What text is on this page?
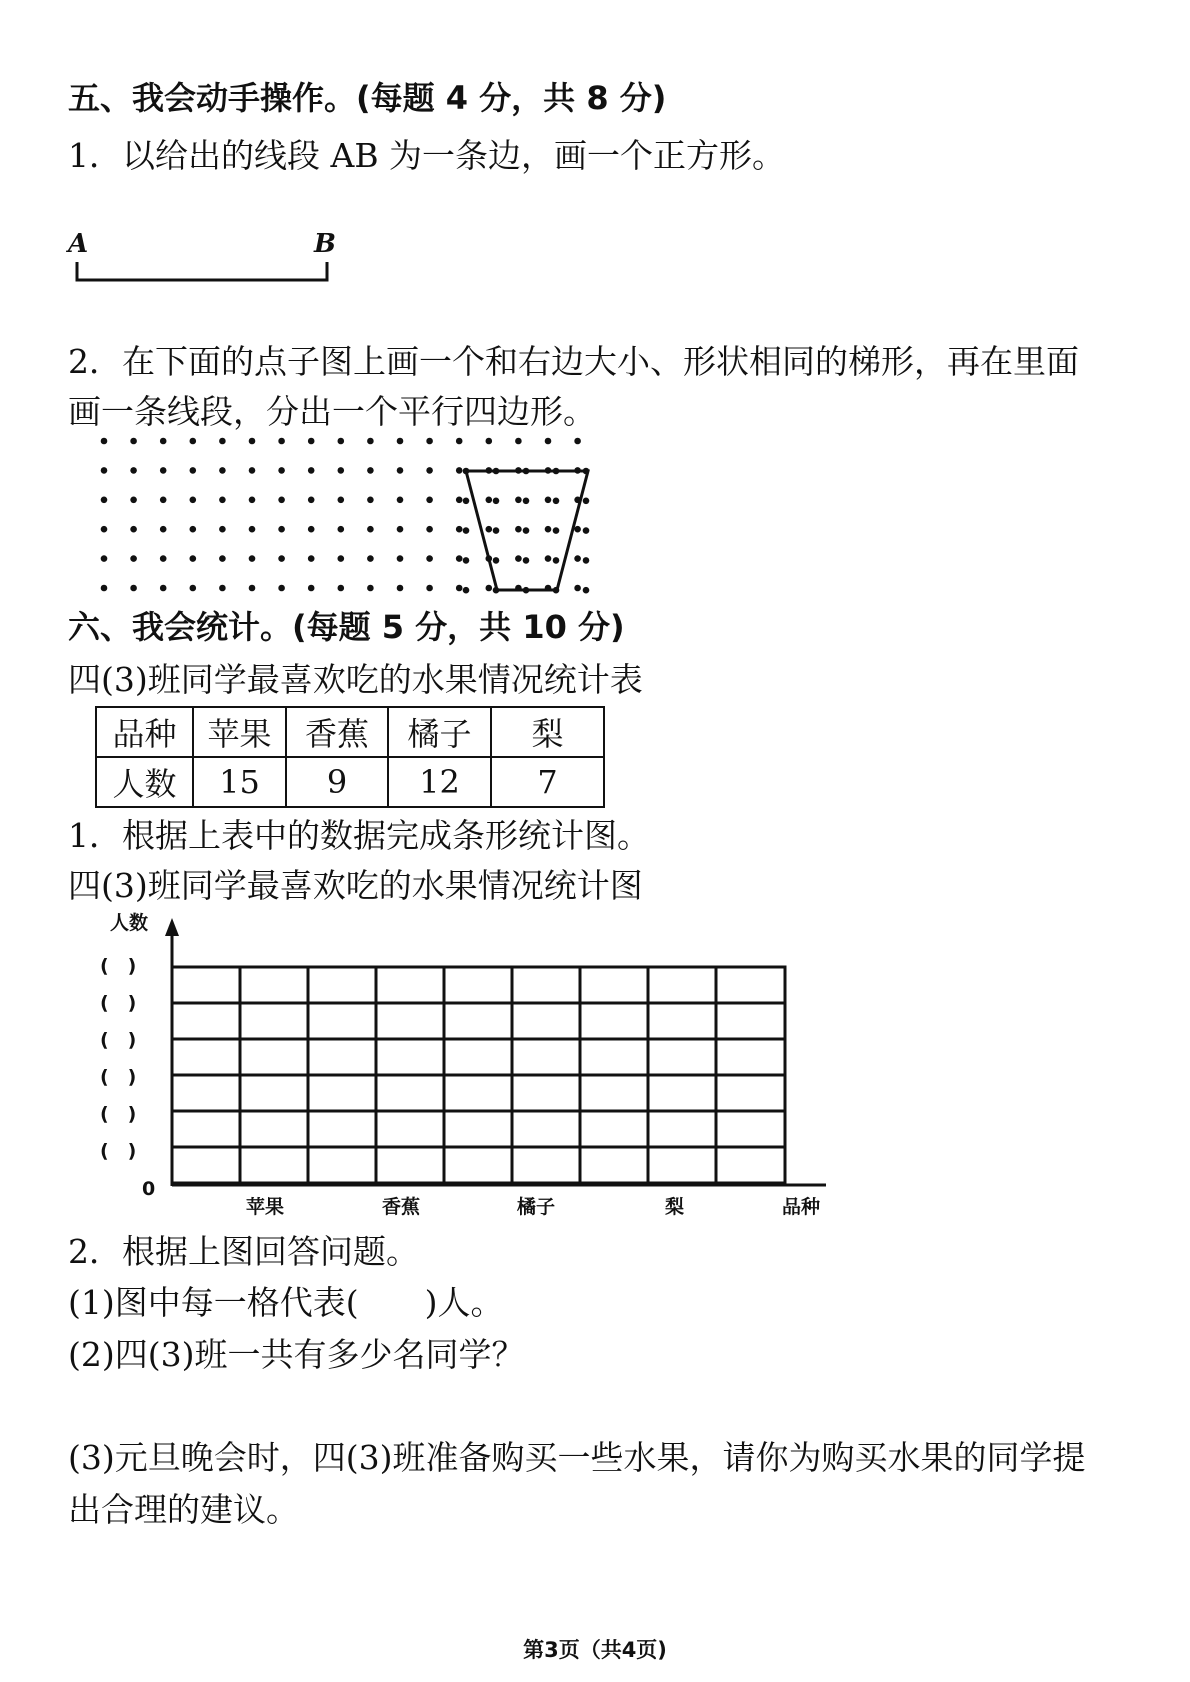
五、我会动手操作。(每题 4 分，共 8 分)
1．以给出的线段 AB 为一条边，画一个正方形。
A	B
2．在下面的点子图上画一个和右边大小、形状相同的梯形，再在里面
画一条线段，分出一个平行四边形。
六、我会统计。(每题 5 分，共 10 分)
四(3)班同学最喜欢吃的水果情况统计表
品种	苹果	香蕉	橘子	梨
人数	15	9	12	7
1．根据上表中的数据完成条形统计图。
四(3)班同学最喜欢吃的水果情况统计图
人数
(　)
(　)
(　)
(　)
(　)
(　)
0
苹果	香蕉	橘子	梨	品种
2．根据上图回答问题。
(1)图中每一格代表(　　)人。
(2)四(3)班一共有多少名同学？
(3)元旦晚会时，四(3)班准备购买一些水果，请你为购买水果的同学提
出合理的建议。
第3页（共4页)
